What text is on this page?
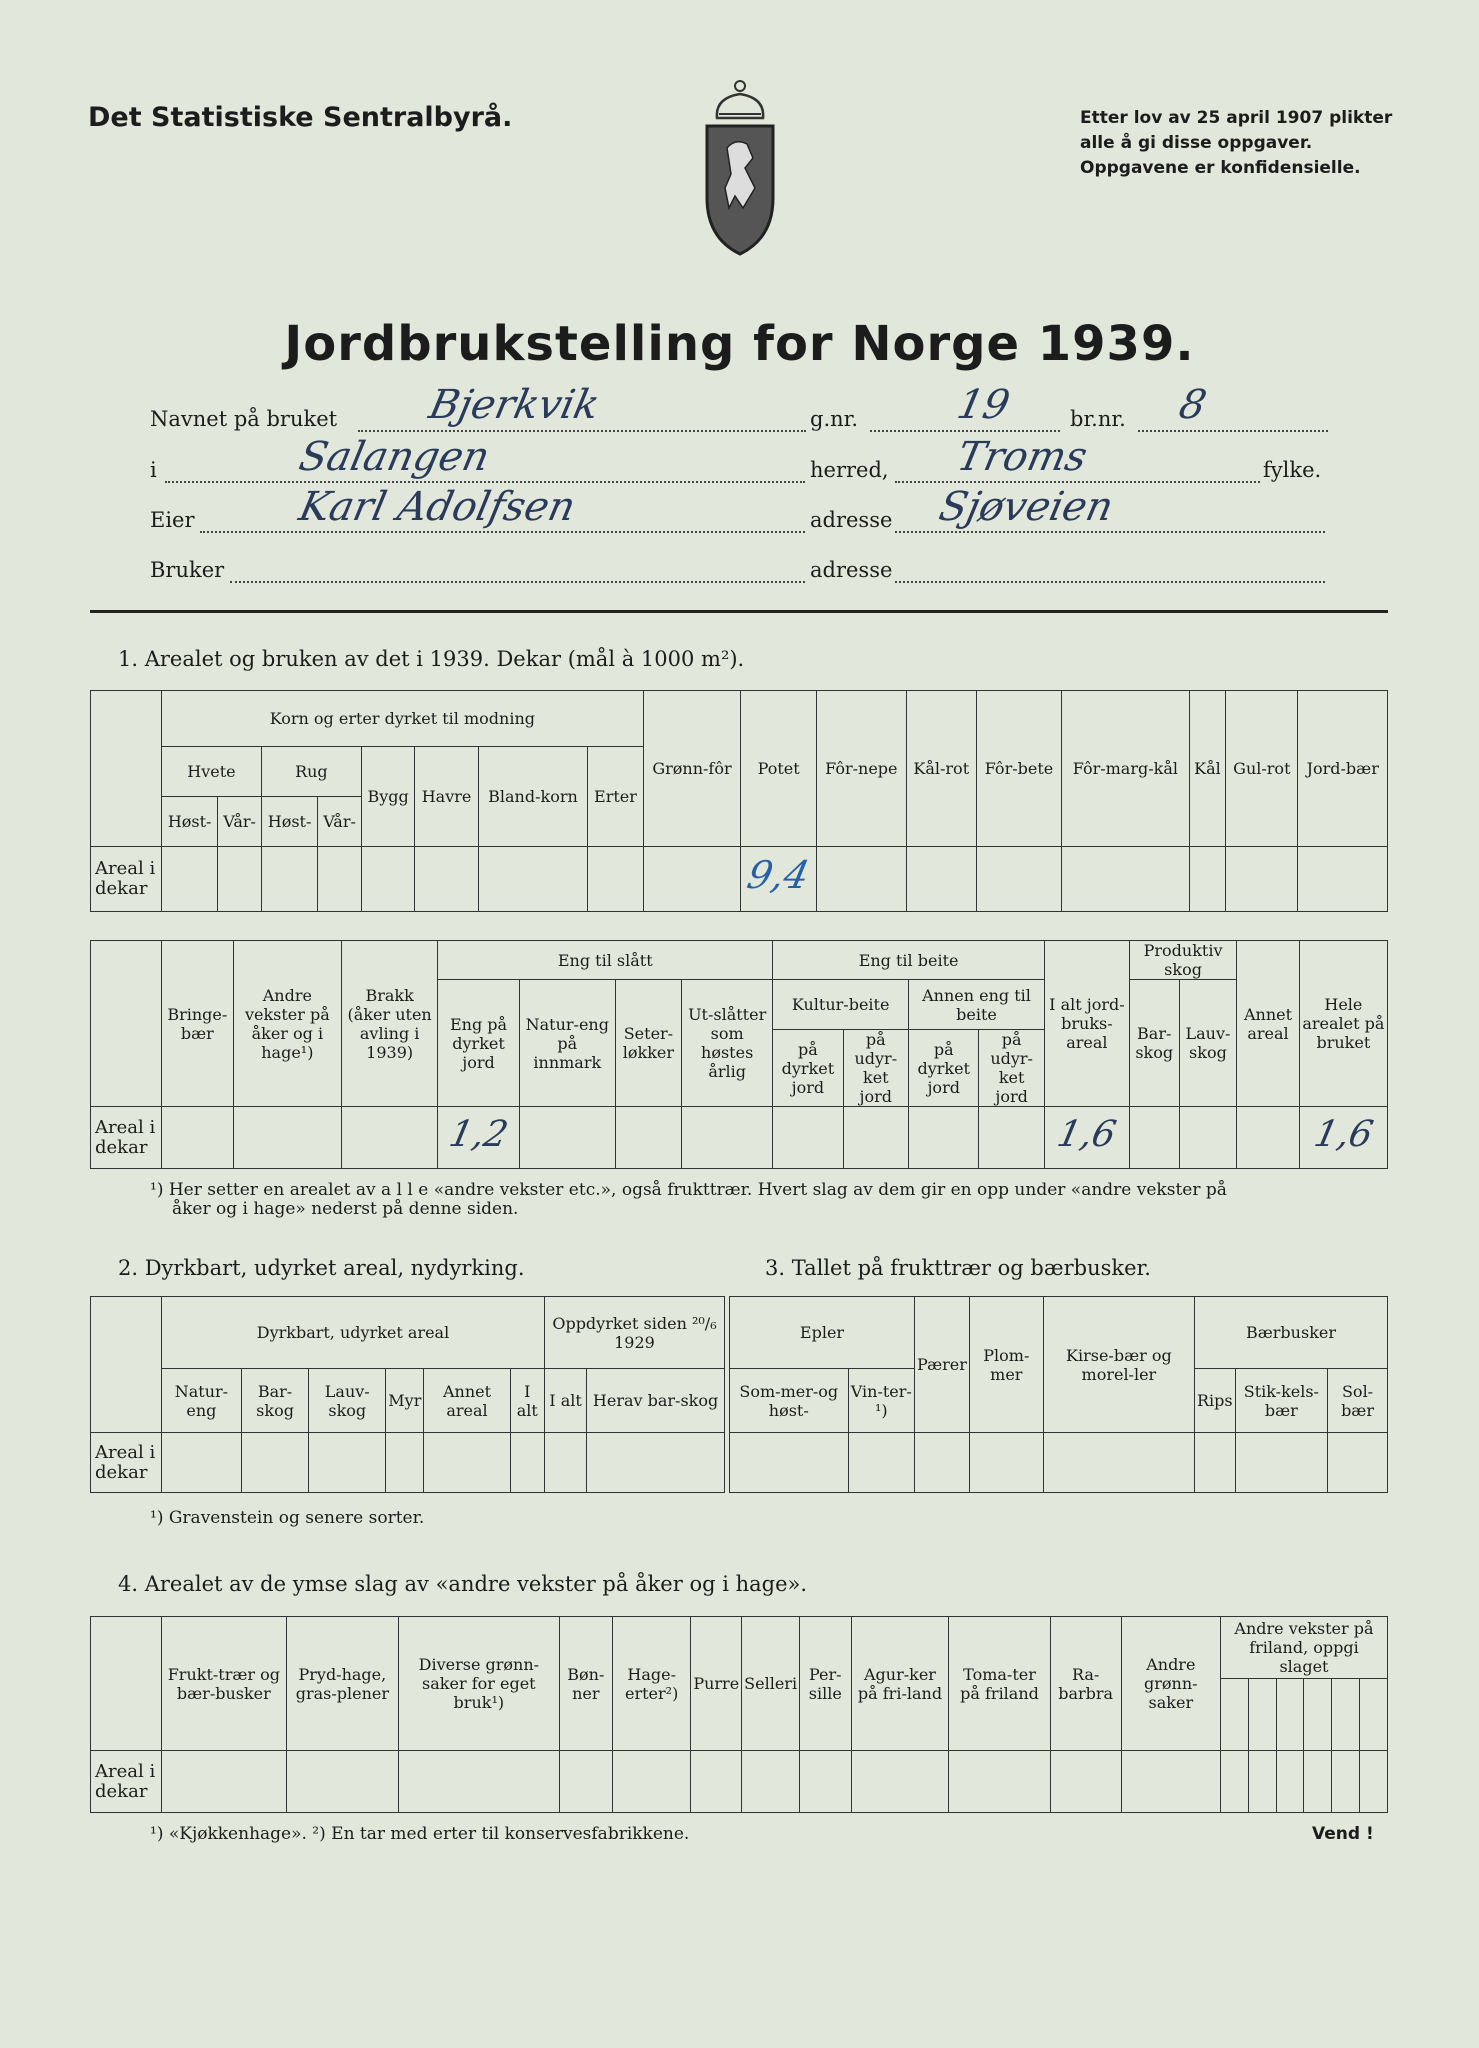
Det Statistiske Sentralbyrå.	Etter lov av 25 april 1907 plikter
alle å gi disse oppgaver.
Oppgavene er konfidensielle.
Jordbrukstelling for Norge 1939.
Navnet på bruket Bjerkvik	g.nr. 19	br.nr. 8
i	Salangen	herred, Troms	fylke.
Eier	Karl Adolfsen	adresse Sjøveien
Bruker	adresse
1. Arealet og bruken av det i 1939. Dekar (mål à 1000 m²).
	Korn og erter dyrket til modning								Grønn-fôr	Potet	Fôr-nepe	Kål-rot	Fôr-bete	Fôr-marg-kål	Kål	Gul-rot	Jord-bær
	Hvete		Rug		Bygg	Havre	Bland-korn	Erter									
	Høst-	Vår-	Høst-	Vår-													
Areal i dekar										9,4							
	Bringe-bær	Andre vekster på åker og i hage¹)	Brakk (åker uten avling i 1939)	Eng til slått				Eng til beite				I alt jord-bruks-areal	Produktiv skog		Annet areal	Hele arealet på bruket
				Eng på dyrket jord	Natur-eng på innmark	Seter-løkker	Ut-slåtter som høstes årlig	Kultur-beite		Annen eng til beite			Bar-skog	Lauv-skog		
								på dyrket jord	på udyr-ket jord	på dyrket jord	på udyr-ket jord					
Areal i dekar				1,2								1,6				1,6
¹) Her setter en arealet av a l l e «andre vekster etc.», også frukttrær. Hvert slag av dem gir en opp under «andre vekster på
åker og i hage» nederst på denne siden.
2. Dyrkbart, udyrket areal, nydyrking.	3. Tallet på frukttrær og bærbusker.
	Dyrkbart, udyrket areal						Oppdyrket siden ²⁰/₆ 1929	
	Natur-eng	Bar-skog	Lauv-skog	Myr	Annet areal	I alt	I alt	Herav bar-skog
Areal i dekar								
Epler		Pærer	Plom-mer	Kirse-bær og morel-ler	Bærbusker		
Som-mer-og høst-	Vin-ter-¹)				Rips	Stik-kels-bær	Sol-bær

¹) Gravenstein og senere sorter.
4. Arealet av de ymse slag av «andre vekster på åker og i hage».
	Frukt-trær og bær-busker	Pryd-hage, gras-plener	Diverse grønn-saker for eget bruk¹)	Bøn-ner	Hage-erter²)	Purre	Selleri	Per-sille	Agur-ker på fri-land	Toma-ter på friland	Ra-barbra	Andre grønn-saker	Andre vekster på friland, oppgi slaget					

Areal i dekar																		
¹) «Kjøkkenhage». ²) En tar med erter til konservesfabrikkene.	Vend !
